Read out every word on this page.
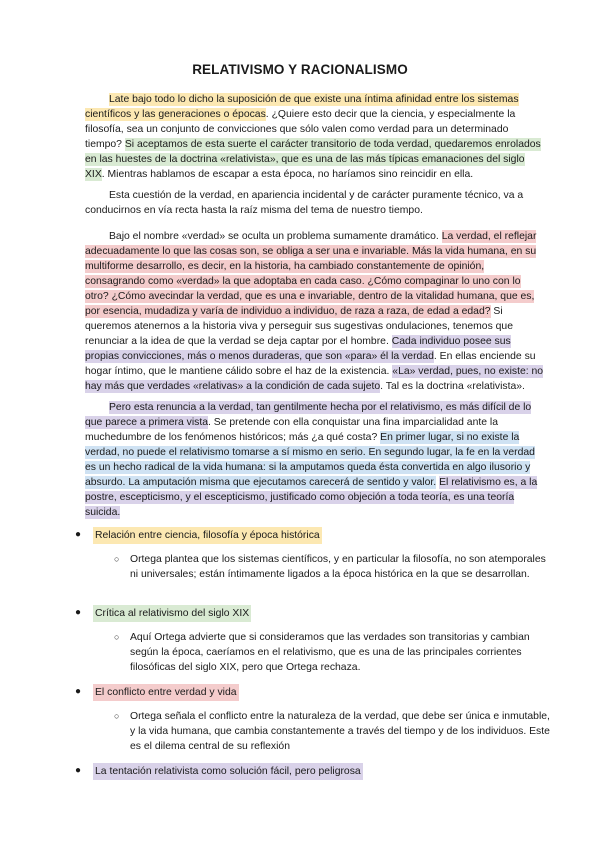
RELATIVISMO Y RACIONALISMO
Late bajo todo lo dicho la suposición de que existe una íntima afinidad entre los sistemas científicos y las generaciones o épocas. ¿Quiere esto decir que la ciencia, y especialmente la filosofía, sea un conjunto de convicciones que sólo valen como verdad para un determinado tiempo? Si aceptamos de esta suerte el carácter transitorio de toda verdad, quedaremos enrolados en las huestes de la doctrina «relativista», que es una de las más típicas emanaciones del siglo XIX. Mientras hablamos de escapar a esta época, no haríamos sino reincidir en ella.
Esta cuestión de la verdad, en apariencia incidental y de carácter puramente técnico, va a conducirnos en vía recta hasta la raíz misma del tema de nuestro tiempo.
Bajo el nombre «verdad» se oculta un problema sumamente dramático. La verdad, el reflejar adecuadamente lo que las cosas son, se obliga a ser una e invariable. Más la vida humana, en su multiforme desarrollo, es decir, en la historia, ha cambiado constantemente de opinión, consagrando como «verdad» la que adoptaba en cada caso. ¿Cómo compaginar lo uno con lo otro? ¿Cómo avecindar la verdad, que es una e invariable, dentro de la vitalidad humana, que es, por esencia, mudadiza y varía de individuo a individuo, de raza a raza, de edad a edad? Si queremos atenernos a la historia viva y perseguir sus sugestivas ondulaciones, tenemos que renunciar a la idea de que la verdad se deja captar por el hombre. Cada individuo posee sus propias convicciones, más o menos duraderas, que son «para» él la verdad. En ellas enciende su hogar íntimo, que le mantiene cálido sobre el haz de la existencia. «La» verdad, pues, no existe: no hay más que verdades «relativas» a la condición de cada sujeto. Tal es la doctrina «relativista».
Pero esta renuncia a la verdad, tan gentilmente hecha por el relativismo, es más difícil de lo que parece a primera vista. Se pretende con ella conquistar una fina imparcialidad ante la muchedumbre de los fenómenos históricos; más ¿a qué costa? En primer lugar, si no existe la verdad, no puede el relativismo tomarse a sí mismo en serio. En segundo lugar, la fe en la verdad es un hecho radical de la vida humana: si la amputamos queda ésta convertida en algo ilusorio y absurdo. La amputación misma que ejecutamos carecerá de sentido y valor. El relativismo es, a la postre, escepticismo, y el escepticismo, justificado como objeción a toda teoría, es una teoría suicida.
● Relación entre ciencia, filosofía y época histórica
○ Ortega plantea que los sistemas científicos, y en particular la filosofía, no son atemporales ni universales; están íntimamente ligados a la época histórica en la que se desarrollan.
● Crítica al relativismo del siglo XIX
○ Aquí Ortega advierte que si consideramos que las verdades son transitorias y cambian según la época, caeríamos en el relativismo, que es una de las principales corrientes filosóficas del siglo XIX, pero que Ortega rechaza.
● El conflicto entre verdad y vida
○ Ortega señala el conflicto entre la naturaleza de la verdad, que debe ser única e inmutable, y la vida humana, que cambia constantemente a través del tiempo y de los individuos. Este es el dilema central de su reflexión
● La tentación relativista como solución fácil, pero peligrosa
